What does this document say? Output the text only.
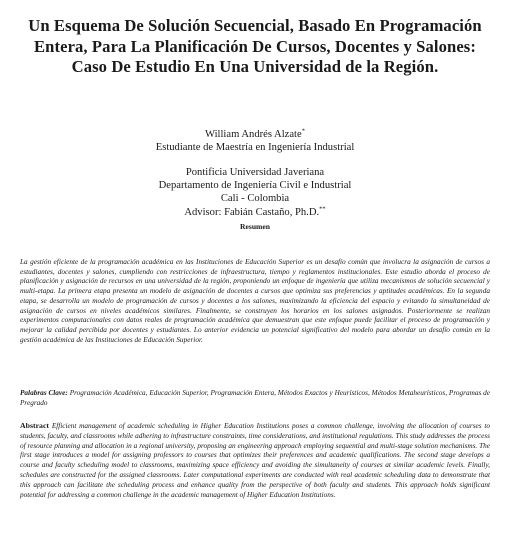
Un Esquema De Solución Secuencial, Basado En Programación Entera, Para La Planificación De Cursos, Docentes y Salones: Caso De Estudio En Una Universidad de la Región.
William Andrés Alzate*
Estudiante de Maestría en Ingeniería Industrial
Pontificia Universidad Javeriana
Departamento de Ingeniería Civil e Industrial
Cali - Colombia
Advisor: Fabián Castaño, Ph.D.**
Resumen
La gestión eficiente de la programación académica en las Instituciones de Educación Superior es un desafío común que involucra la asignación de cursos a estudiantes, docentes y salones, cumpliendo con restricciones de infraestructura, tiempo y reglamentos institucionales. Este estudio aborda el proceso de planificación y asignación de recursos en una universidad de la región, proponiendo un enfoque de ingeniería que utiliza mecanismos de solución secuencial y multi-etapa. La primera etapa presenta un modelo de asignación de docentes a cursos que optimiza sus preferencias y aptitudes académicas. En la segunda etapa, se desarrolla un modelo de programación de cursos y docentes a los salones, maximizando la eficiencia del espacio y evitando la simultaneidad de asignación de cursos en niveles académicos similares. Finalmente, se construyen los horarios en los salones asignados. Posteriormente se realizan experimentos computacionales con datos reales de programación académica que demuestran que este enfoque puede facilitar el proceso de programación y mejorar la calidad percibida por docentes y estudiantes. Lo anterior evidencia un potencial significativo del modelo para abordar un desafío común en la gestión académica de las Instituciones de Educación Superior.
Palabras Clave: Programación Académica, Educación Superior, Programación Entera, Métodos Exactos y Heurísticos, Métodos Metaheurísticos, Programas de Pregrado
Abstract Efficient management of academic scheduling in Higher Education Institutions poses a common challenge, involving the allocation of courses to students, faculty, and classrooms while adhering to infrastructure constraints, time considerations, and institutional regulations. This study addresses the process of resource planning and allocation in a regional university, proposing an engineering approach employing sequential and multi-stage solution mechanisms. The first stage introduces a model for assigning professors to courses that optimizes their preferences and academic qualifications. The second stage develops a course and faculty scheduling model to classrooms, maximizing space efficiency and avoiding the simultaneity of courses at similar academic levels. Finally, schedules are constructed for the assigned classrooms. Later computational experiments are conducted with real academic scheduling data to demonstrate that this approach can facilitate the scheduling process and enhance quality from the perspective of both faculty and students. This approach holds significant potential for addressing a common challenge in the academic management of Higher Education Institutions.
